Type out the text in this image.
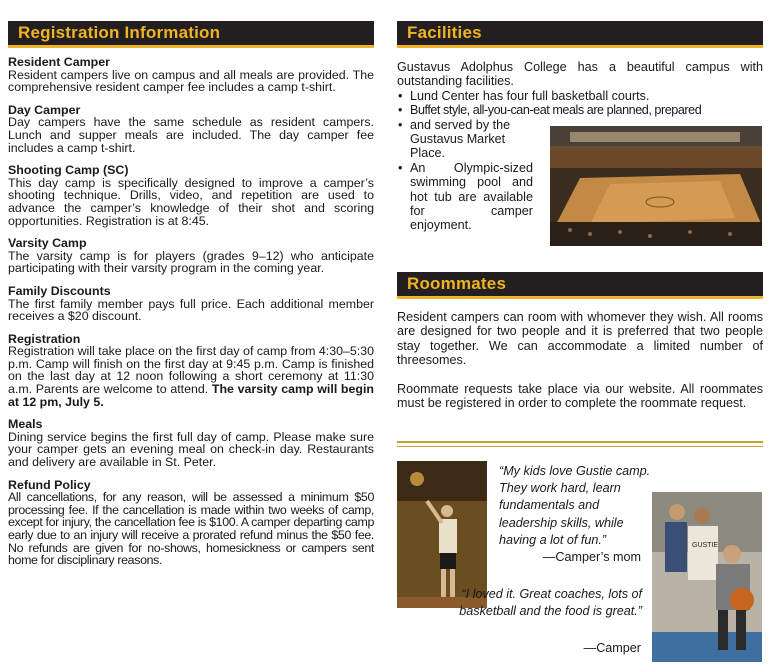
Registration Information
Resident Camper

Resident campers live on campus and all meals are provided. The comprehensive resident camper fee includes a camp t-shirt.

Day Camper

Day campers have the same schedule as resident campers. Lunch and supper meals are included. The day camper fee includes a camp t-shirt.

Shooting Camp (SC)

This day camp is specifically designed to improve a camper’s shooting technique. Drills, video, and repetition are used to advance the camper’s knowledge of their shot and scoring opportunities. Registration is at 8:45.

Varsity Camp

The varsity camp is for players (grades 9–12) who anticipate participating with their varsity program in the coming year.

Family Discounts

The first family member pays full price. Each additional member receives a $20 discount.

Registration

Registration will take place on the first day of camp from 4:30–5:30 p.m. Camp will finish on the first day at 9:45 p.m. Camp is finished on the last day at 12 noon following a short ceremony at 11:30 a.m. Parents are welcome to attend. The varsity camp will begin at 12 pm, July 5.

Meals

Dining service begins the first full day of camp. Please make sure your camper gets an evening meal on check-in day. Restaurants and delivery are available in St. Peter.

Refund Policy

All cancellations, for any reason, will be assessed a minimum $50 processing fee. If the cancellation is made within two weeks of camp, except for injury, the cancellation fee is $100. A camper departing camp early due to an injury will receive a prorated refund minus the $50 fee. No refunds are given for no-shows, homesickness or campers sent home for disciplinary reasons.

Facilities

Gustavus Adolphus College has a beautiful campus with outstanding facilities.

• Lund Center has four full basketball courts.
• Buffet style, all-you-can-eat meals are planned, prepared
• and served by the Gustavus Market Place.
• An Olympic-sized swimming pool and hot tub are available for camper enjoyment.
Roommates

Resident campers can room with whomever they wish. All rooms are designed for two people and it is preferred that two people stay together. We can accommodate a limited number of threesomes.

Roommate requests take place via our website. All roommates must be registered in order to complete the roommate request.

GUSTIE
“My kids love Gustie camp. They work hard, learn fundamentals and leadership skills, while having a lot of fun.”
—Camper’s mom
“I loved it. Great coaches, lots of basketball and the food is great.”
—Camper
